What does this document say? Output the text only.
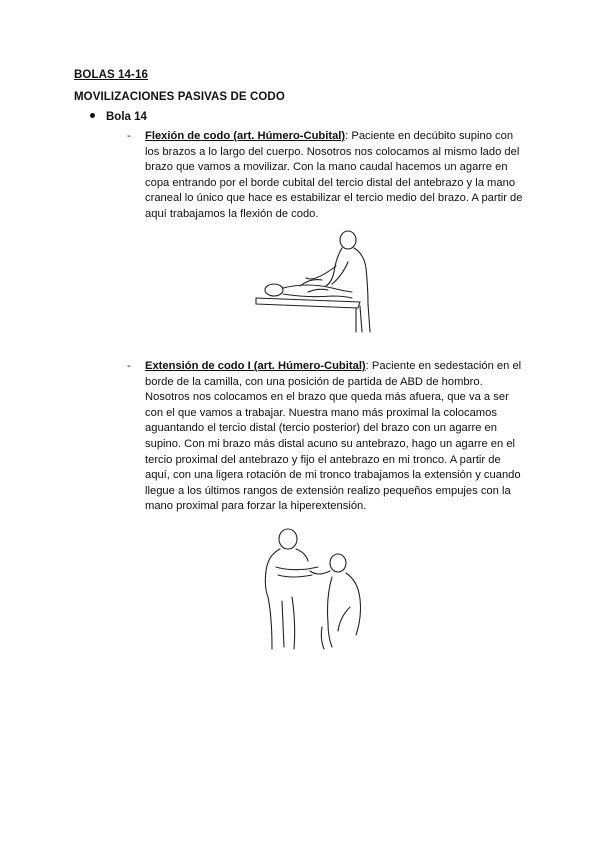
BOLAS 14-16
MOVILIZACIONES PASIVAS DE CODO
Bola 14
- Flexión de codo (art. Húmero-Cubital): Paciente en decúbito supino con los brazos a lo largo del cuerpo. Nosotros nos colocamos al mismo lado del brazo que vamos a movilizar. Con la mano caudal hacemos un agarre en copa entrando por el borde cubital del tercio distal del antebrazo y la mano craneal lo único que hace es estabilizar el tercio medio del brazo. A partir de aquí trabajamos la flexión de codo.
- Extensión de codo I (art. Húmero-Cubital): Paciente en sedestación en el borde de la camilla, con una posición de partida de ABD de hombro. Nosotros nos colocamos en el brazo que queda más afuera, que va a ser con el que vamos a trabajar. Nuestra mano más proximal la colocamos aguantando el tercio distal (tercio posterior) del brazo con un agarre en supino. Con mi brazo más distal acuno su antebrazo, hago un agarre en el tercio proximal del antebrazo y fijo el antebrazo en mi tronco. A partir de aquí, con una ligera rotación de mi tronco trabajamos la extensión y cuando llegue a los últimos rangos de extensión realizo pequeños empujes con la mano proximal para forzar la hiperextensión.
